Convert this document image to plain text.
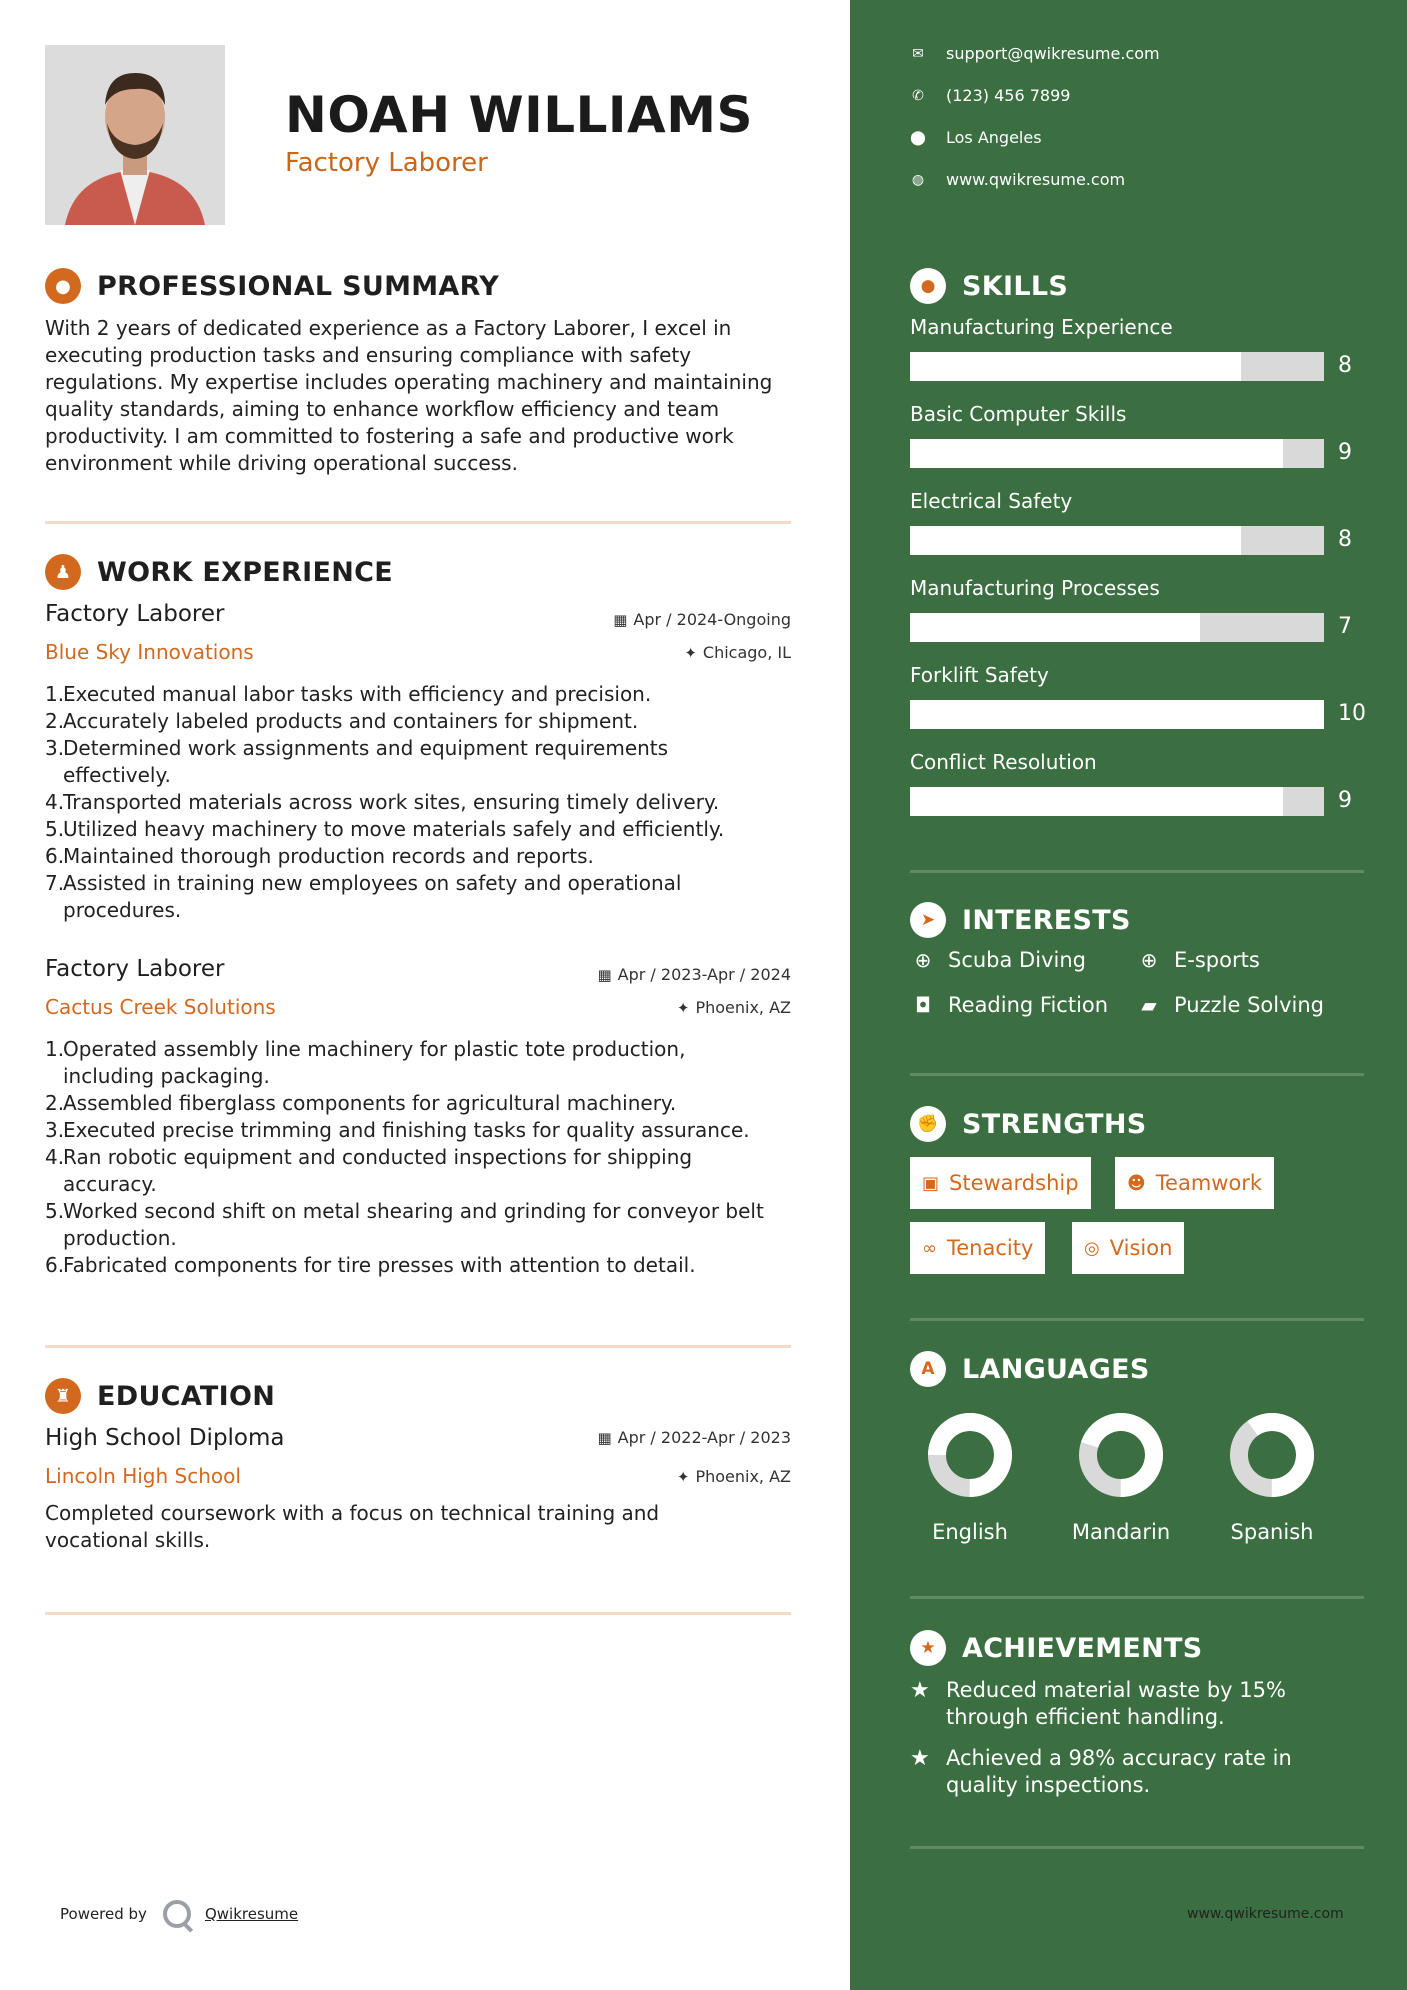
NOAH WILLIAMS
Factory Laborer
● PROFESSIONAL SUMMARY
With 2 years of dedicated experience as a Factory Laborer, I excel in executing production tasks and ensuring compliance with safety regulations. My expertise includes operating machinery and maintaining quality standards, aiming to enhance workflow efficiency and team productivity. I am committed to fostering a safe and productive work environment while driving operational success.
♟ WORK EXPERIENCE
Factory Laborer	▦ Apr / 2024-Ongoing
Blue Sky Innovations	✦ Chicago, IL
1.
Executed manual labor tasks with efficiency and precision.
2.
Accurately labeled products and containers for shipment.
3.
Determined work assignments and equipment requirements effectively.
4.
Transported materials across work sites, ensuring timely delivery.
5.
Utilized heavy machinery to move materials safely and efficiently.
6.
Maintained thorough production records and reports.
7.
Assisted in training new employees on safety and operational procedures.
Factory Laborer	▦ Apr / 2023-Apr / 2024
Cactus Creek Solutions	✦ Phoenix, AZ
1.
Operated assembly line machinery for plastic tote production, including packaging.
2.
Assembled fiberglass components for agricultural machinery.
3.
Executed precise trimming and finishing tasks for quality assurance.
4.
Ran robotic equipment and conducted inspections for shipping accuracy.
5.
Worked second shift on metal shearing and grinding for conveyor belt production.
6.
Fabricated components for tire presses with attention to detail.
♜ EDUCATION
High School Diploma	▦ Apr / 2022-Apr / 2023
Lincoln High School	✦ Phoenix, AZ
Completed coursework with a focus on technical training and vocational skills.
Powered by	Qwikresume
✉ support@qwikresume.com
✆ (123) 456 7899
⬤ Los Angeles
◍ www.qwikresume.com
● SKILLS
Manufacturing Experience
8
Basic Computer Skills
9
Electrical Safety
8
Manufacturing Processes
7
Forklift Safety
10
Conflict Resolution
9
➤ INTERESTS
⊕ Scuba Diving	⊕ E-sports
◘ Reading Fiction ▰ Puzzle Solving
✊ STRENGTHS
▣ Stewardship	☻ Teamwork
∞ Tenacity	◎ Vision
A	LANGUAGES
English	Mandarin	Spanish
★ ACHIEVEMENTS
★ Reduced material waste by 15% through efficient handling.
★ Achieved a 98% accuracy rate in quality inspections.
www.qwikresume.com
